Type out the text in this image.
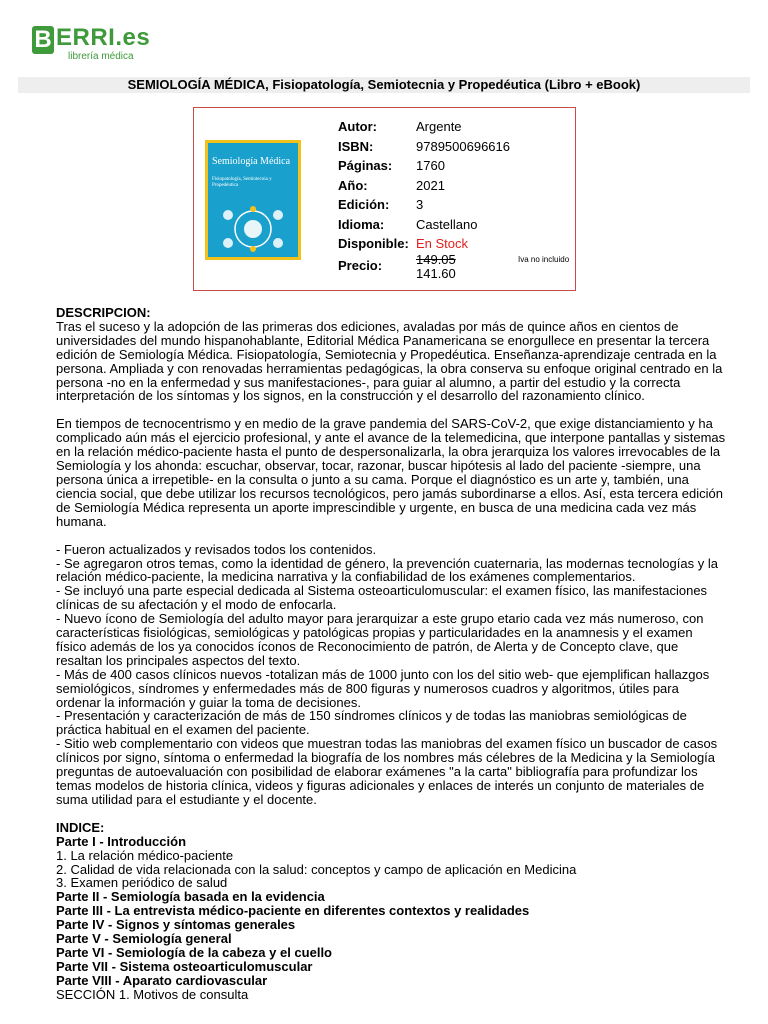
B ERRI.es
librería médica
SEMIOLOGÍA MÉDICA, Fisiopatología, Semiotecnia y Propedéutica (Libro + eBook)
Semiología Médica
Fisiopatología, Semiotecnia y Propedéutica
Autor:	Argente
ISBN:	9789500696616
Páginas: 1760
Año:	2021
Edición: 3
Idioma: Castellano
Disponible: En Stock
Precio:	149.05
141.60
Iva no incluido

DESCRIPCION:

Tras el suceso y la adopción de las primeras dos ediciones, avaladas por más de quince años en cientos de universidades del mundo hispanohablante, Editorial Médica Panamericana se enorgullece en presentar la tercera edición de Semiología Médica. Fisiopatología, Semiotecnia y Propedéutica. Enseñanza-aprendizaje centrada en la persona. Ampliada y con renovadas herramientas pedagógicas, la obra conserva su enfoque original centrado en la persona -no en la enfermedad y sus manifestaciones-, para guiar al alumno, a partir del estudio y la correcta interpretación de los síntomas y los signos, en la construcción y el desarrollo del razonamiento clínico.

En tiempos de tecnocentrismo y en medio de la grave pandemia del SARS-CoV-2, que exige distanciamiento y ha complicado aún más el ejercicio profesional, y ante el avance de la telemedicina, que interpone pantallas y sistemas en la relación médico-paciente hasta el punto de despersonalizarla, la obra jerarquiza los valores irrevocables de la Semiología y los ahonda: escuchar, observar, tocar, razonar, buscar hipótesis al lado del paciente -siempre, una persona única a irrepetible- en la consulta o junto a su cama. Porque el diagnóstico es un arte y, también, una ciencia social, que debe utilizar los recursos tecnológicos, pero jamás subordinarse a ellos. Así, esta tercera edición de Semiología Médica representa un aporte imprescindible y urgente, en busca de una medicina cada vez más humana.

- Fueron actualizados y revisados todos los contenidos.

- Se agregaron otros temas, como la identidad de género, la prevención cuaternaria, las modernas tecnologías y la relación médico-paciente, la medicina narrativa y la confiabilidad de los exámenes complementarios.

- Se incluyó una parte especial dedicada al Sistema osteoarticulomuscular: el examen físico, las manifestaciones clínicas de su afectación y el modo de enfocarla.

- Nuevo ícono de Semiología del adulto mayor para jerarquizar a este grupo etario cada vez más numeroso, con características fisiológicas, semiológicas y patológicas propias y particularidades en la anamnesis y el examen físico además de los ya conocidos íconos de Reconocimiento de patrón, de Alerta y de Concepto clave, que resaltan los principales aspectos del texto.

- Más de 400 casos clínicos nuevos -totalizan más de 1000 junto con los del sitio web- que ejemplifican hallazgos semiológicos, síndromes y enfermedades más de 800 figuras y numerosos cuadros y algoritmos, útiles para ordenar la información y guiar la toma de decisiones.

- Presentación y caracterización de más de 150 síndromes clínicos y de todas las maniobras semiológicas de práctica habitual en el examen del paciente.

- Sitio web complementario con videos que muestran todas las maniobras del examen físico un buscador de casos clínicos por signo, síntoma o enfermedad la biografía de los nombres más célebres de la Medicina y la Semiología preguntas de autoevaluación con posibilidad de elaborar exámenes "a la carta" bibliografía para profundizar los temas modelos de historia clínica, videos y figuras adicionales y enlaces de interés un conjunto de materiales de suma utilidad para el estudiante y el docente.

INDICE:

Parte I - Introducción

1. La relación médico-paciente

2. Calidad de vida relacionada con la salud: conceptos y campo de aplicación en Medicina

3. Examen periódico de salud

Parte II - Semiología basada en la evidencia

Parte III - La entrevista médico-paciente en diferentes contextos y realidades

Parte IV - Signos y síntomas generales

Parte V - Semiología general

Parte VI - Semiología de la cabeza y el cuello

Parte VII - Sistema osteoarticulomuscular

Parte VIII - Aparato cardiovascular

SECCIÓN 1. Motivos de consulta
